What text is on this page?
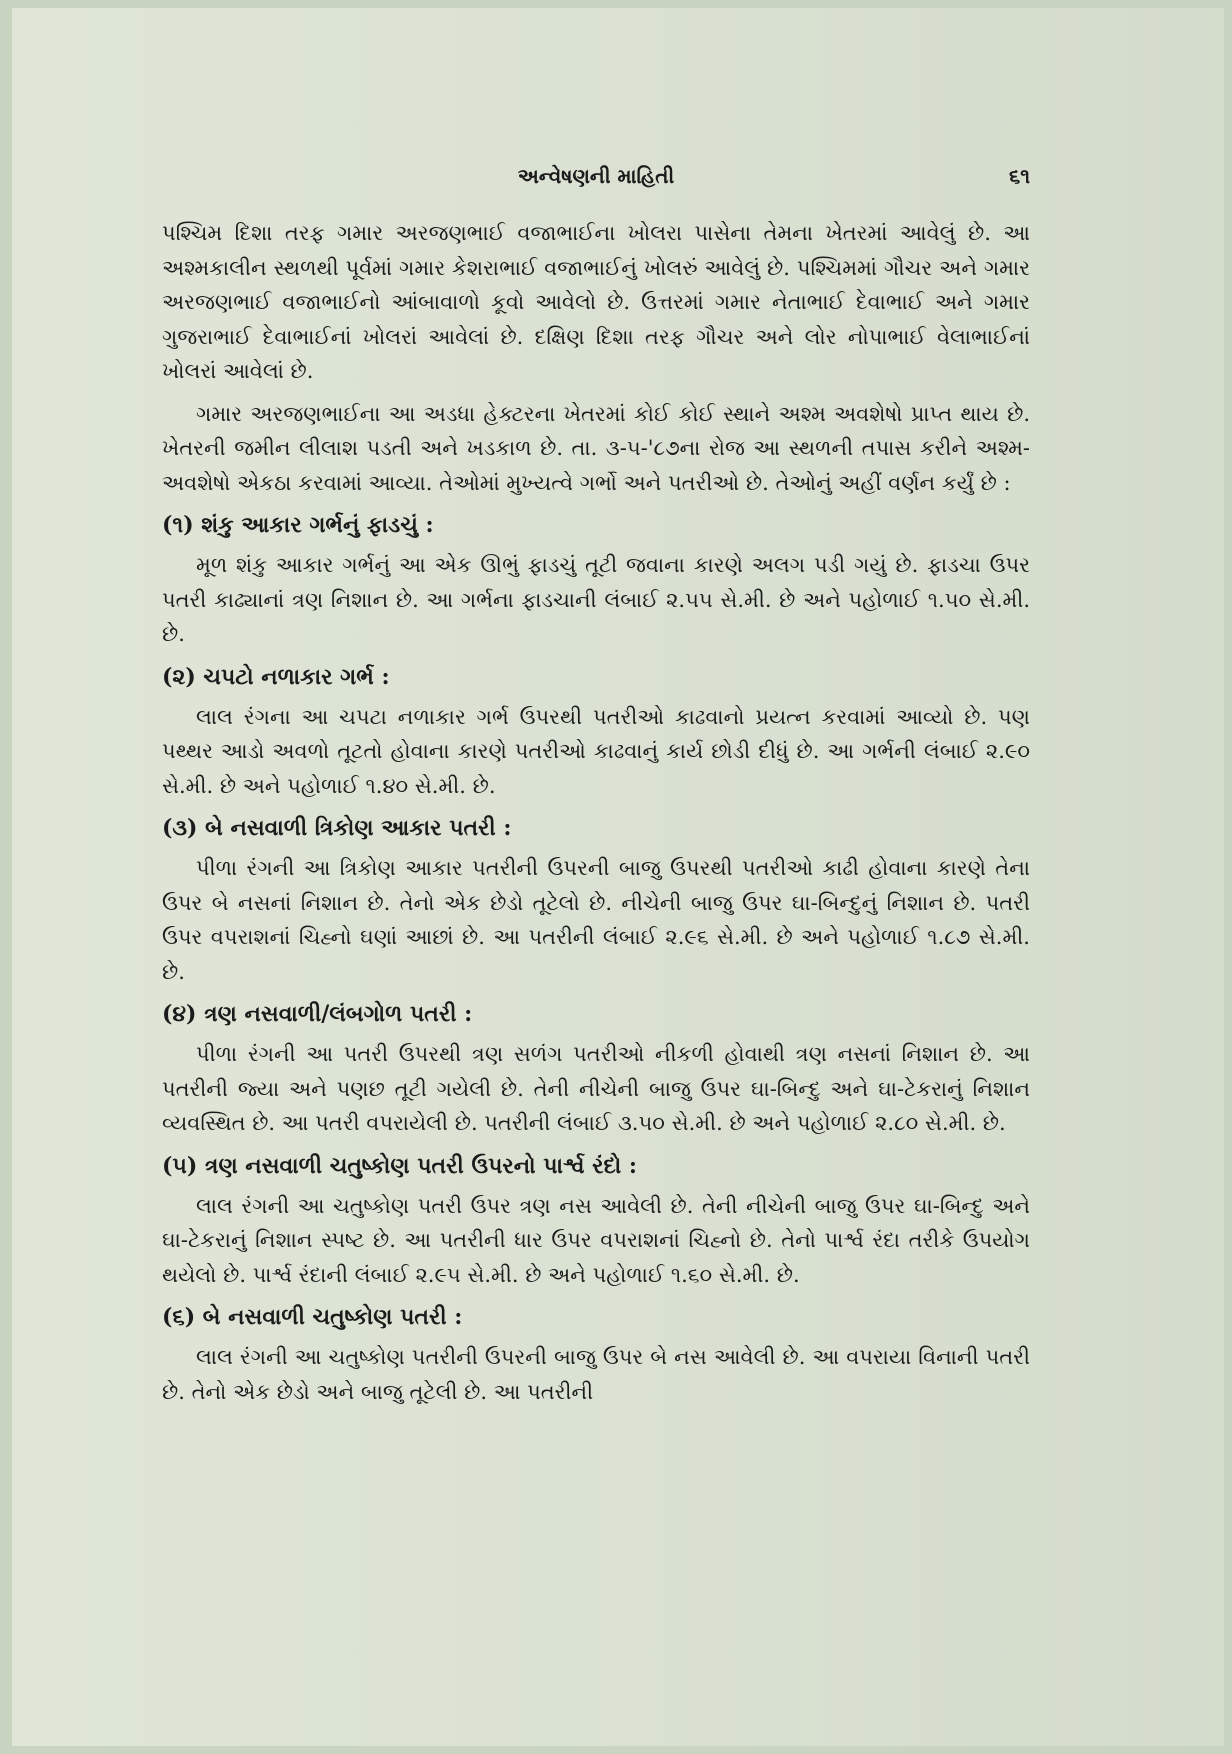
અન્વેષણની માહિતી	૬૧

પશ્ચિમ દિશા તરફ ગમાર અરજણભાઈ વજાભાઈના ખોલરા પાસેના તેમના ખેતરમાં આવેલું છે. આ અશ્મકાલીન સ્થળથી પૂર્વમાં ગમાર કેશરાભાઈ વજાભાઈનું ખોલરું આવેલું છે. પશ્ચિમમાં ગૌચર અને ગમાર અરજણભાઈ વજાભાઈનો આંબાવાળો કૂવો આવેલો છે. ઉત્તરમાં ગમાર નેતાભાઈ દેવાભાઈ અને ગમાર ગુજરાભાઈ દેવાભાઈનાં ખોલરાં આવેલાં છે. દક્ષિણ દિશા તરફ ગૌચર અને લોર નોપાભાઈ વેલાભાઈનાં ખોલરાં આવેલાં છે.

ગમાર અરજણભાઈના આ અડધા હેક્ટરના ખેતરમાં કોઈ કોઈ સ્થાને અશ્મ અવશેષો પ્રાપ્ત થાય છે. ખેતરની જમીન લીલાશ પડતી અને ખડકાળ છે. તા. ૩-૫-'૮૭ના રોજ આ સ્થળની તપાસ કરીને અશ્મ-અવશેષો એકઠા કરવામાં આવ્યા. તેઓમાં મુખ્યત્વે ગર્ભો અને પતરીઓ છે. તેઓનું અહીં વર્ણન કર્યું છે :

(૧) શંકુ આકાર ગર્ભનું ફાડચું :

મૂળ શંકુ આકાર ગર્ભનું આ એક ઊભું ફાડચું તૂટી જવાના કારણે અલગ પડી ગયું છે. ફાડચા ઉપર પતરી કાઢ્યાનાં ત્રણ નિશાન છે. આ ગર્ભના ફાડચાની લંબાઈ ૨.૫૫ સે.મી. છે અને પહોળાઈ ૧.૫૦ સે.મી. છે.

(૨) ચપટો નળાકાર ગર્ભ :

લાલ રંગના આ ચપટા નળાકાર ગર્ભ ઉપરથી પતરીઓ કાઢવાનો પ્રયત્ન કરવામાં આવ્યો છે. પણ પથ્થર આડો અવળો તૂટતો હોવાના કારણે પતરીઓ કાઢવાનું કાર્ય છોડી દીધું છે. આ ગર્ભની લંબાઈ ૨.૯૦ સે.મી. છે અને પહોળાઈ ૧.૪૦ સે.મી. છે.

(૩) બે નસવાળી ત્રિકોણ આકાર પતરી :

પીળા રંગની આ ત્રિકોણ આકાર પતરીની ઉપરની બાજુ ઉપરથી પતરીઓ કાઢી હોવાના કારણે તેના ઉપર બે નસનાં નિશાન છે. તેનો એક છેડો તૂટેલો છે. નીચેની બાજુ ઉપર ઘા-બિન્દુનું નિશાન છે. પતરી ઉપર વપરાશનાં ચિહ્નો ઘણાં આછાં છે. આ પતરીની લંબાઈ ૨.૯૬ સે.મી. છે અને પહોળાઈ ૧.૮૭ સે.મી. છે.

(૪) ત્રણ નસવાળી/લંબગોળ પતરી :

પીળા રંગની આ પતરી ઉપરથી ત્રણ સળંગ પતરીઓ નીકળી હોવાથી ત્રણ નસનાં નિશાન છે. આ પતરીની જ્યા અને પણછ તૂટી ગયેલી છે. તેની નીચેની બાજુ ઉપર ઘા-બિન્દુ અને ઘા-ટેકરાનું નિશાન વ્યવસ્થિત છે. આ પતરી વપરાયેલી છે. પતરીની લંબાઈ ૩.૫૦ સે.મી. છે અને પહોળાઈ ૨.૮૦ સે.મી. છે.

(૫) ત્રણ નસવાળી ચતુષ્કોણ પતરી ઉપરનો પાર્શ્વ રંદો :

લાલ રંગની આ ચતુષ્કોણ પતરી ઉપર ત્રણ નસ આવેલી છે. તેની નીચેની બાજુ ઉપર ઘા-બિન્દુ અને ઘા-ટેકરાનું નિશાન સ્પષ્ટ છે. આ પતરીની ધાર ઉપર વપરાશનાં ચિહ્નો છે. તેનો પાર્શ્વ રંદા તરીકે ઉપયોગ થયેલો છે. પાર્શ્વ રંદાની લંબાઈ ૨.૯૫ સે.મી. છે અને પહોળાઈ ૧.૬૦ સે.મી. છે.

(૬) બે નસવાળી ચતુષ્કોણ પતરી :

લાલ રંગની આ ચતુષ્કોણ પતરીની ઉપરની બાજુ ઉપર બે નસ આવેલી છે. આ વપરાયા વિનાની પતરી છે. તેનો એક છેડો અને બાજુ તૂટેલી છે. આ પતરીની
